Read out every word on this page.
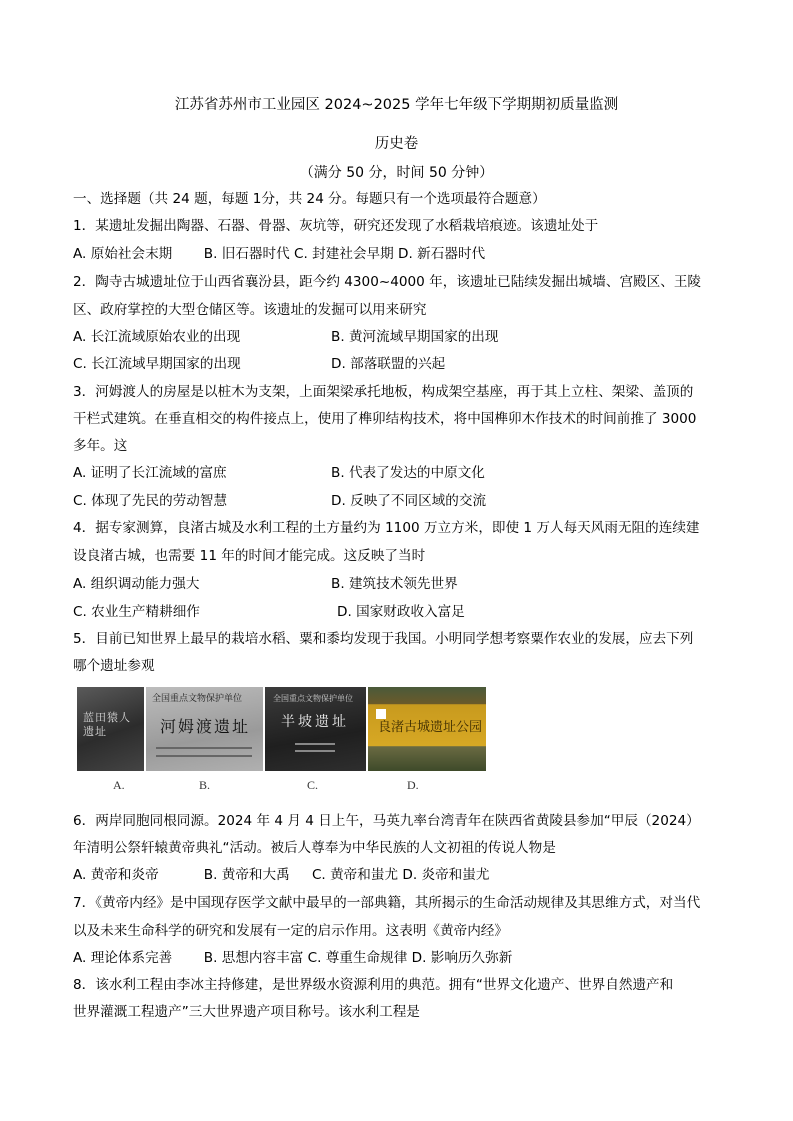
江苏省苏州市工业园区 2024~2025 学年七年级下学期期初质量监测
历史卷
（满分 50 分，时间 50 分钟）
一、选择题（共 24 题，每题 1分，共 24 分。每题只有一个选项最符合题意）
1．某遗址发掘出陶器、石器、骨器、灰坑等，研究还发现了水稻栽培痕迹。该遗址处于
A. 原始社会末期 　　B. 旧石器时代 C. 封建社会早期 D. 新石器时代
2．陶寺古城遗址位于山西省襄汾县，距今约 4300~4000 年，该遗址已陆续发掘出城墙、宫殿区、王陵
区、政府掌控的大型仓储区等。该遗址的发掘可以用来研究
A. 长江流域原始农业的出现	B. 黄河流域早期国家的出现
C. 长江流域早期国家的出现	D. 部落联盟的兴起
3．河姆渡人的房屋是以桩木为支架，上面架梁承托地板，构成架空基座，再于其上立柱、架梁、盖顶的
干栏式建筑。在垂直相交的构件接点上，使用了榫卯结构技术，将中国榫卯木作技术的时间前推了 3000
多年。这
A. 证明了长江流域的富庶	B. 代表了发达的中原文化
C. 体现了先民的劳动智慧	D. 反映了不同区域的交流
4．据专家测算，良渚古城及水利工程的土方量约为 1100 万立方米，即使 1 万人每天风雨无阻的连续建
设良渚古城，也需要 11 年的时间才能完成。这反映了当时
A. 组织调动能力强大	B. 建筑技术领先世界
C. 农业生产精耕细作	D. 国家财政收入富足
5．目前已知世界上最早的栽培水稻、粟和黍均发现于我国。小明同学想考察粟作农业的发展，应去下列
哪个遗址参观
蓝田猿人遗址
全国重点文物保护单位
河姆渡遗址
全国重点文物保护单位
半坡遗址 良渚古城遗址公园
A.	B.	C.	D.
6．两岸同胞同根同源。2024 年 4 月 4 日上午，马英九率台湾青年在陕西省黄陵县参加“甲辰（2024）
年清明公祭轩辕黄帝典礼“活动。被后人尊奉为中华民族的人文初祖的传说人物是
A. 黄帝和炎帝 　　　B. 黄帝和大禹 　 C. 黄帝和蚩尤 D. 炎帝和蚩尤
7．《黄帝内经》是中国现存医学文献中最早的一部典籍，其所揭示的生命活动规律及其思维方式，对当代
以及未来生命科学的研究和发展有一定的启示作用。这表明《黄帝内经》
A. 理论体系完善 　　B. 思想内容丰富 C. 尊重生命规律 D. 影响历久弥新
8．该水利工程由李冰主持修建，是世界级水资源利用的典范。拥有“世界文化遗产、世界自然遗产和
世界灌溉工程遗产”三大世界遗产项目称号。该水利工程是
